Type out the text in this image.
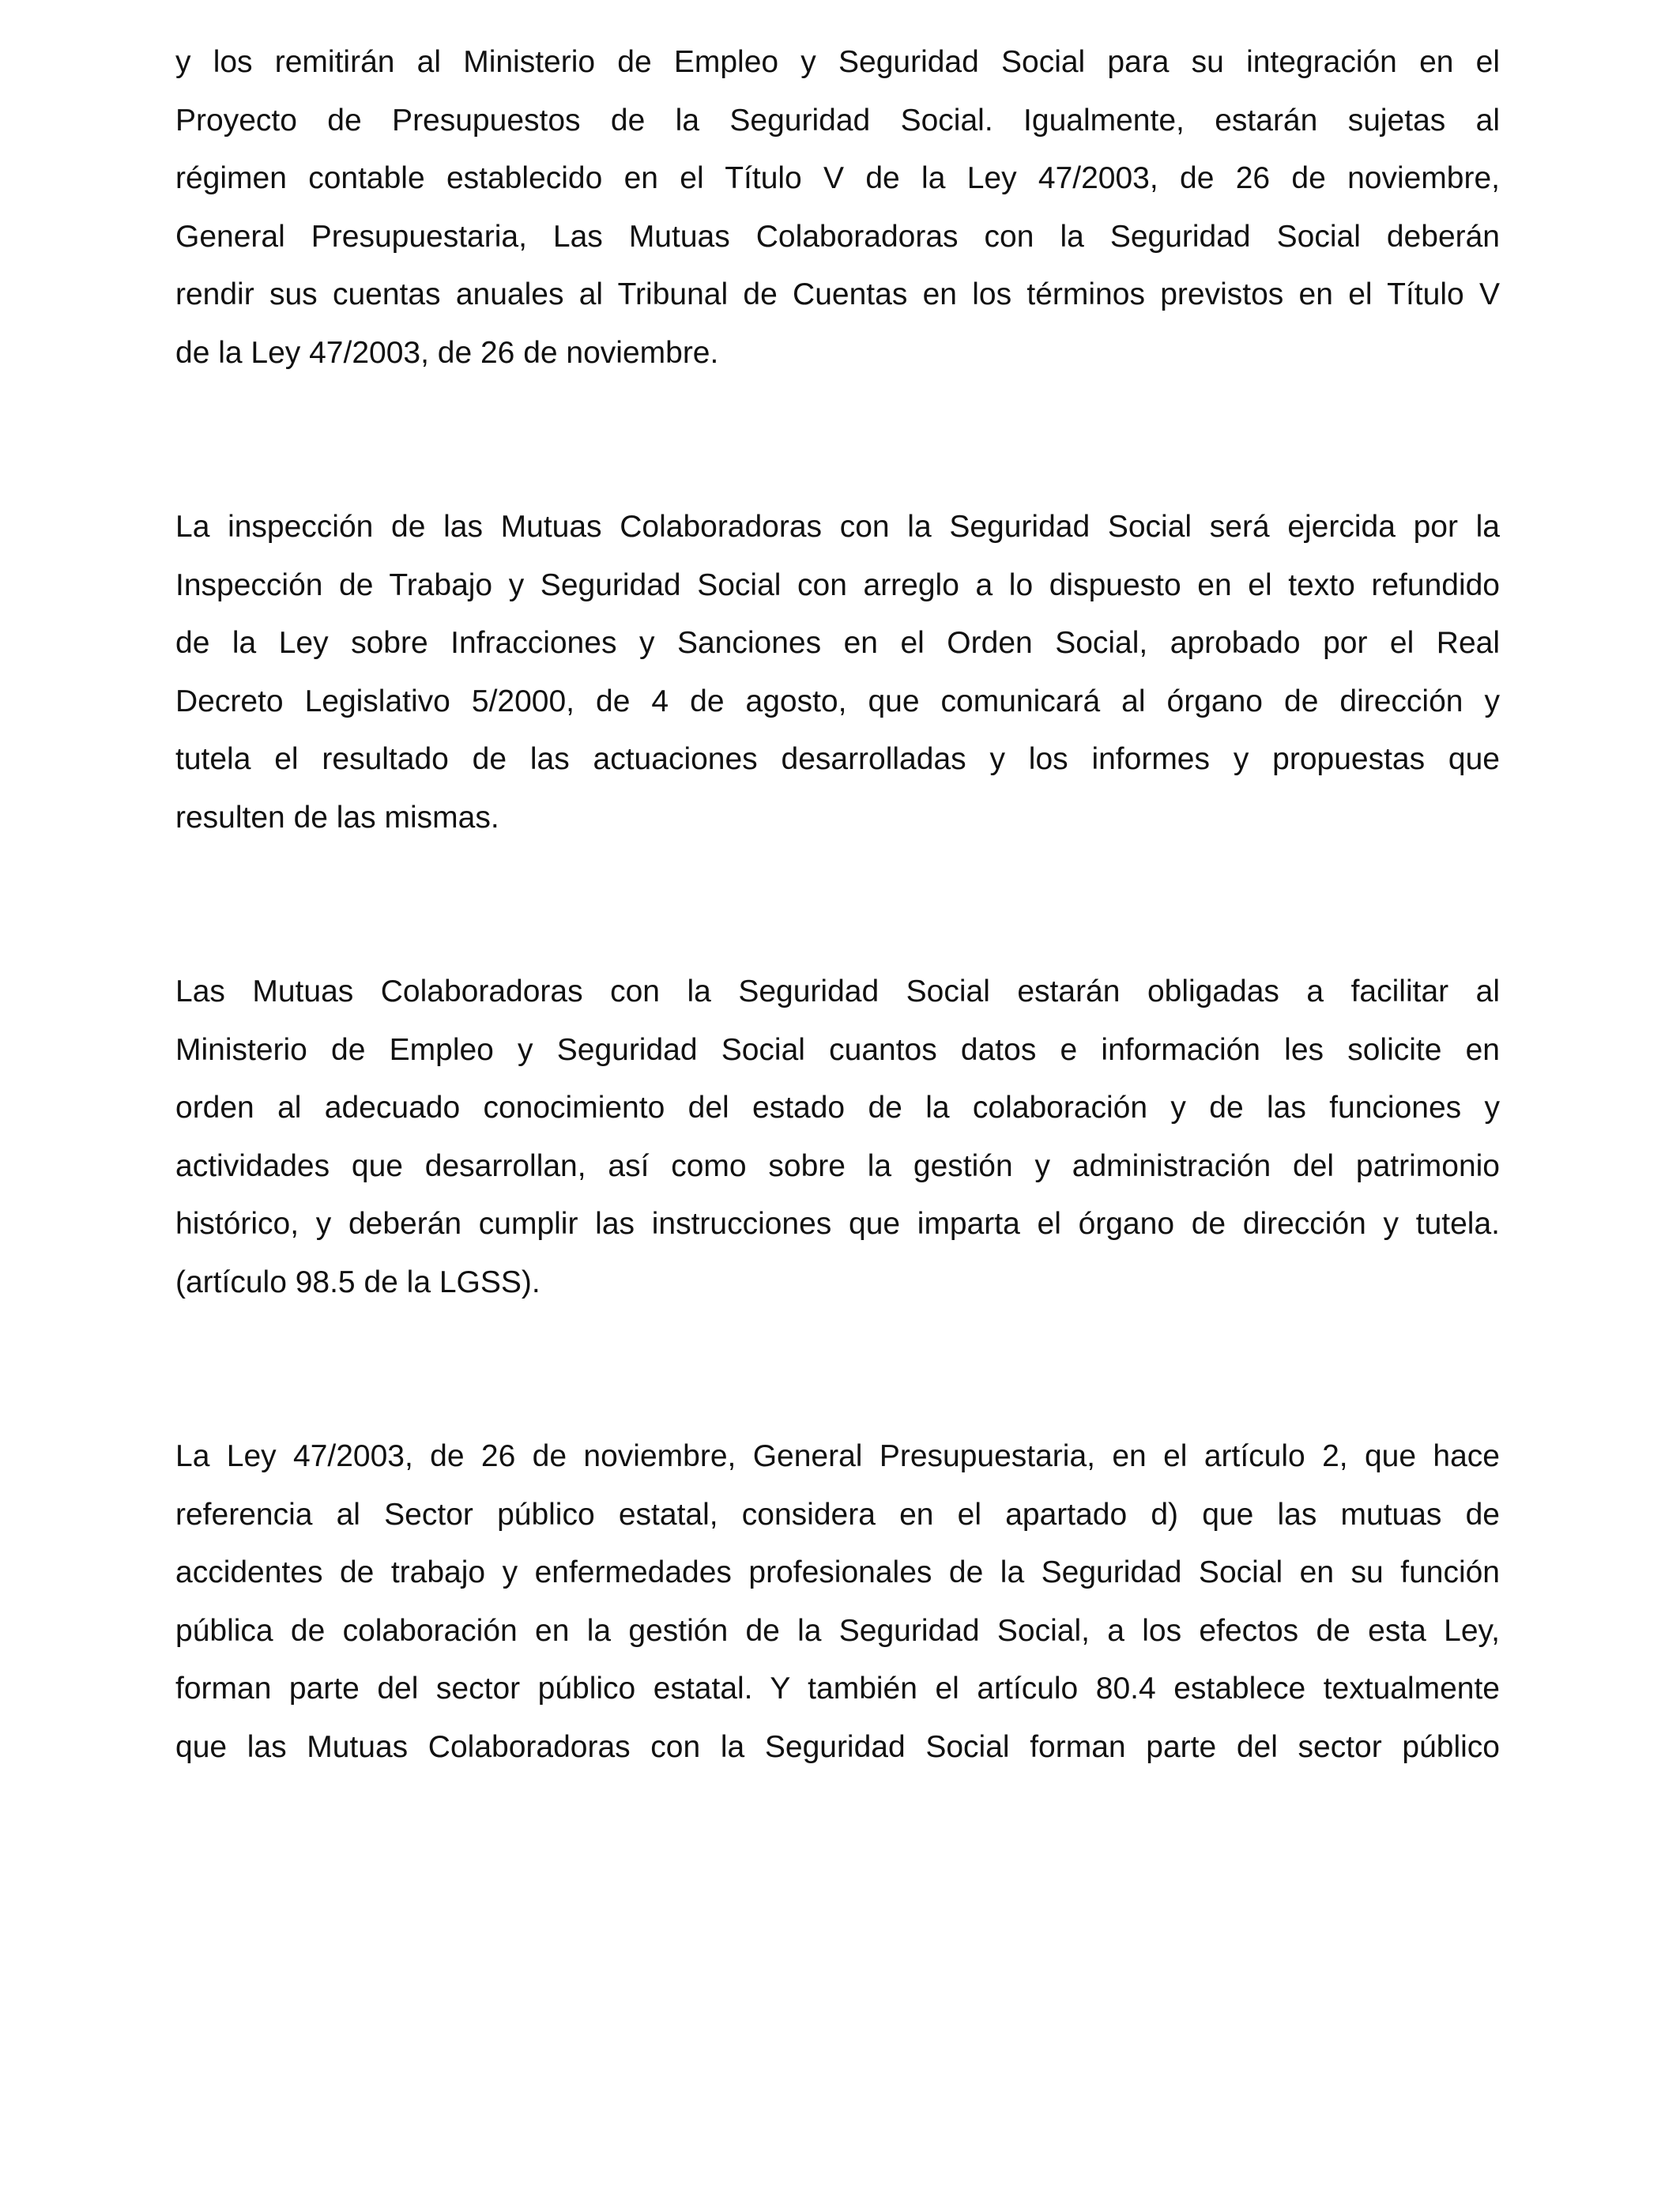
y los remitirán al Ministerio de Empleo y Seguridad Social para su integración en el
Proyecto de Presupuestos de la Seguridad Social. Igualmente, estarán sujetas al
régimen contable establecido en el Título V de la Ley 47/2003, de 26 de noviembre,
General Presupuestaria, Las Mutuas Colaboradoras con la Seguridad Social deberán
rendir sus cuentas anuales al Tribunal de Cuentas en los términos previstos en el Título V
de la Ley 47/2003, de 26 de noviembre.
La inspección de las Mutuas Colaboradoras con la Seguridad Social será ejercida por la
Inspección de Trabajo y Seguridad Social con arreglo a lo dispuesto en el texto refundido
de la Ley sobre Infracciones y Sanciones en el Orden Social, aprobado por el Real
Decreto Legislativo 5/2000, de 4 de agosto, que comunicará al órgano de dirección y
tutela el resultado de las actuaciones desarrolladas y los informes y propuestas que
resulten de las mismas.
Las Mutuas Colaboradoras con la Seguridad Social estarán obligadas a facilitar al
Ministerio de Empleo y Seguridad Social cuantos datos e información les solicite en
orden al adecuado conocimiento del estado de la colaboración y de las funciones y
actividades que desarrollan, así como sobre la gestión y administración del patrimonio
histórico, y deberán cumplir las instrucciones que imparta el órgano de dirección y tutela.
(artículo 98.5 de la LGSS).
La Ley 47/2003, de 26 de noviembre, General Presupuestaria, en el artículo 2, que hace
referencia al Sector público estatal, considera en el apartado d) que las mutuas de
accidentes de trabajo y enfermedades profesionales de la Seguridad Social en su función
pública de colaboración en la gestión de la Seguridad Social, a los efectos de esta Ley,
forman parte del sector público estatal. Y también el artículo 80.4 establece textualmente
que las Mutuas Colaboradoras con la Seguridad Social forman parte del sector público
